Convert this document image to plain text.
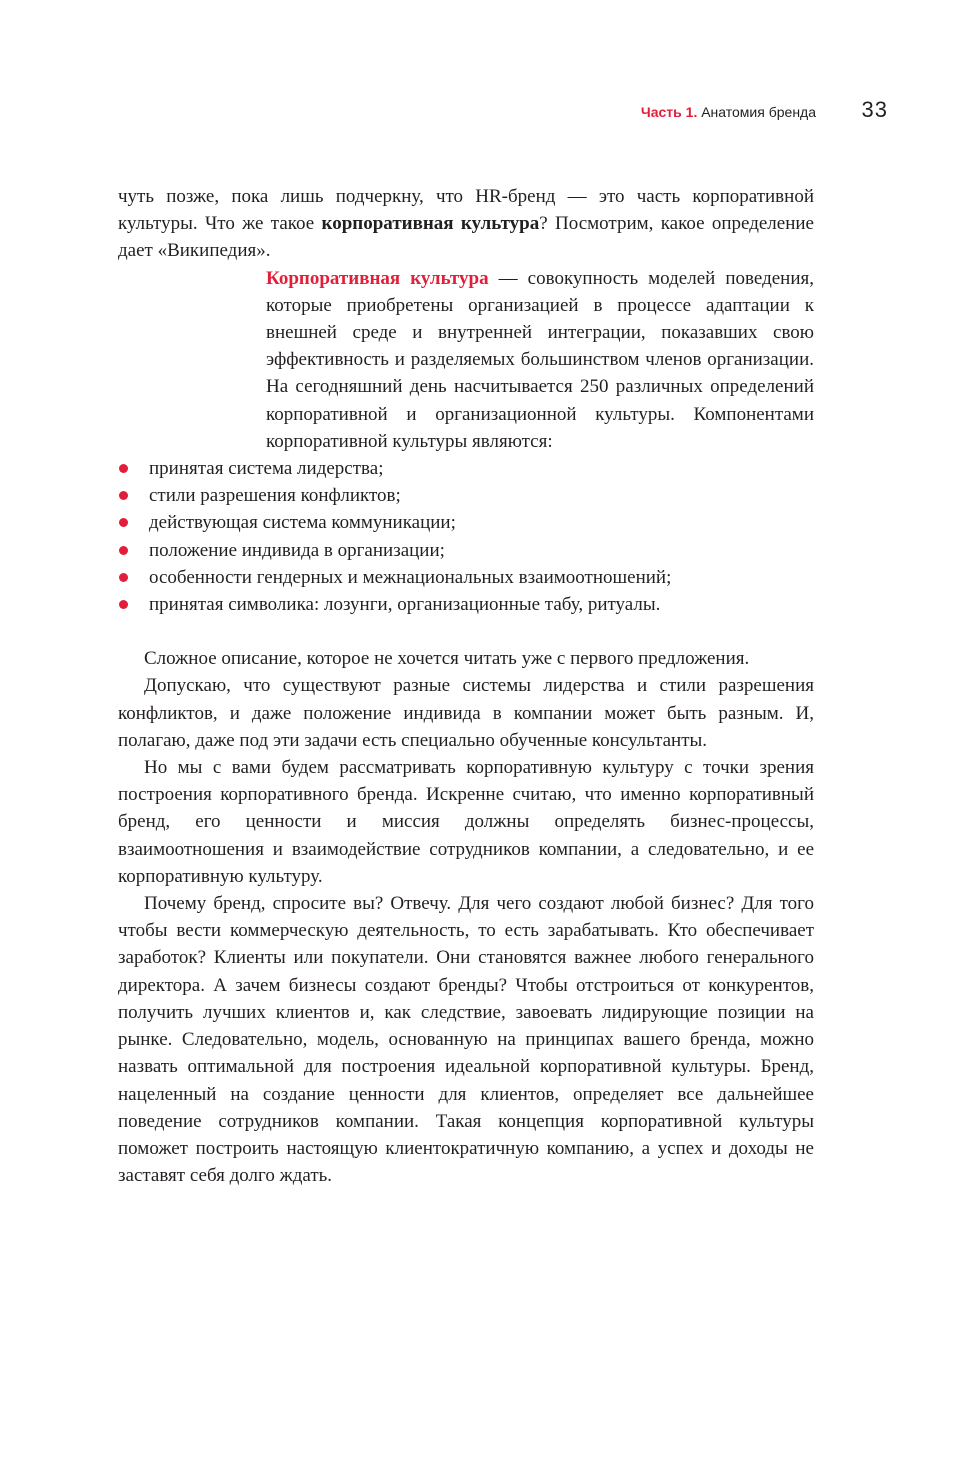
Часть 1. Анатомия бренда 33

чуть позже, пока лишь подчеркну, что HR-бренд — это часть корпоративной культуры. Что же такое корпоративная культура? Посмотрим, какое определение дает «Википедия».

Корпоративная культура — совокупность моделей поведения, которые приобретены организацией в процессе адаптации к внешней среде и внутренней интеграции, показавших свою эффективность и разделяемых большинством членов организации. На сегодняшний день насчитывается 250 различных определений корпоративной и организационной культуры. Компонентами корпоративной культуры являются:

принятая система лидерства;
стили разрешения конфликтов;
действующая система коммуникации;
положение индивида в организации;
особенности гендерных и межнациональных взаимоотношений;
принятая символика: лозунги, организационные табу, ритуалы.

Сложное описание, которое не хочется читать уже с первого предложения.

Допускаю, что существуют разные системы лидерства и стили разрешения конфликтов, и даже положение индивида в компании может быть разным. И, полагаю, даже под эти задачи есть специально обученные консультанты.

Но мы с вами будем рассматривать корпоративную культуру с точки зрения построения корпоративного бренда. Искренне считаю, что именно корпоративный бренд, его ценности и миссия должны определять бизнес-процессы, взаимоотношения и взаимодействие сотрудников компании, а следовательно, и ее корпоративную культуру.

Почему бренд, спросите вы? Отвечу. Для чего создают любой бизнес? Для того чтобы вести коммерческую деятельность, то есть зарабатывать. Кто обеспечивает заработок? Клиенты или покупатели. Они становятся важнее любого генерального директора. А зачем бизнесы создают бренды? Чтобы отстроиться от конкурентов, получить лучших клиентов и, как следствие, завоевать лидирующие позиции на рынке. Следовательно, модель, основанную на принципах вашего бренда, можно назвать оптимальной для построения идеальной корпоративной культуры. Бренд, нацеленный на создание ценности для клиентов, определяет все дальнейшее поведение сотрудников компании. Такая концепция корпоративной культуры поможет построить настоящую клиентократичную компанию, а успех и доходы не заставят себя долго ждать.
